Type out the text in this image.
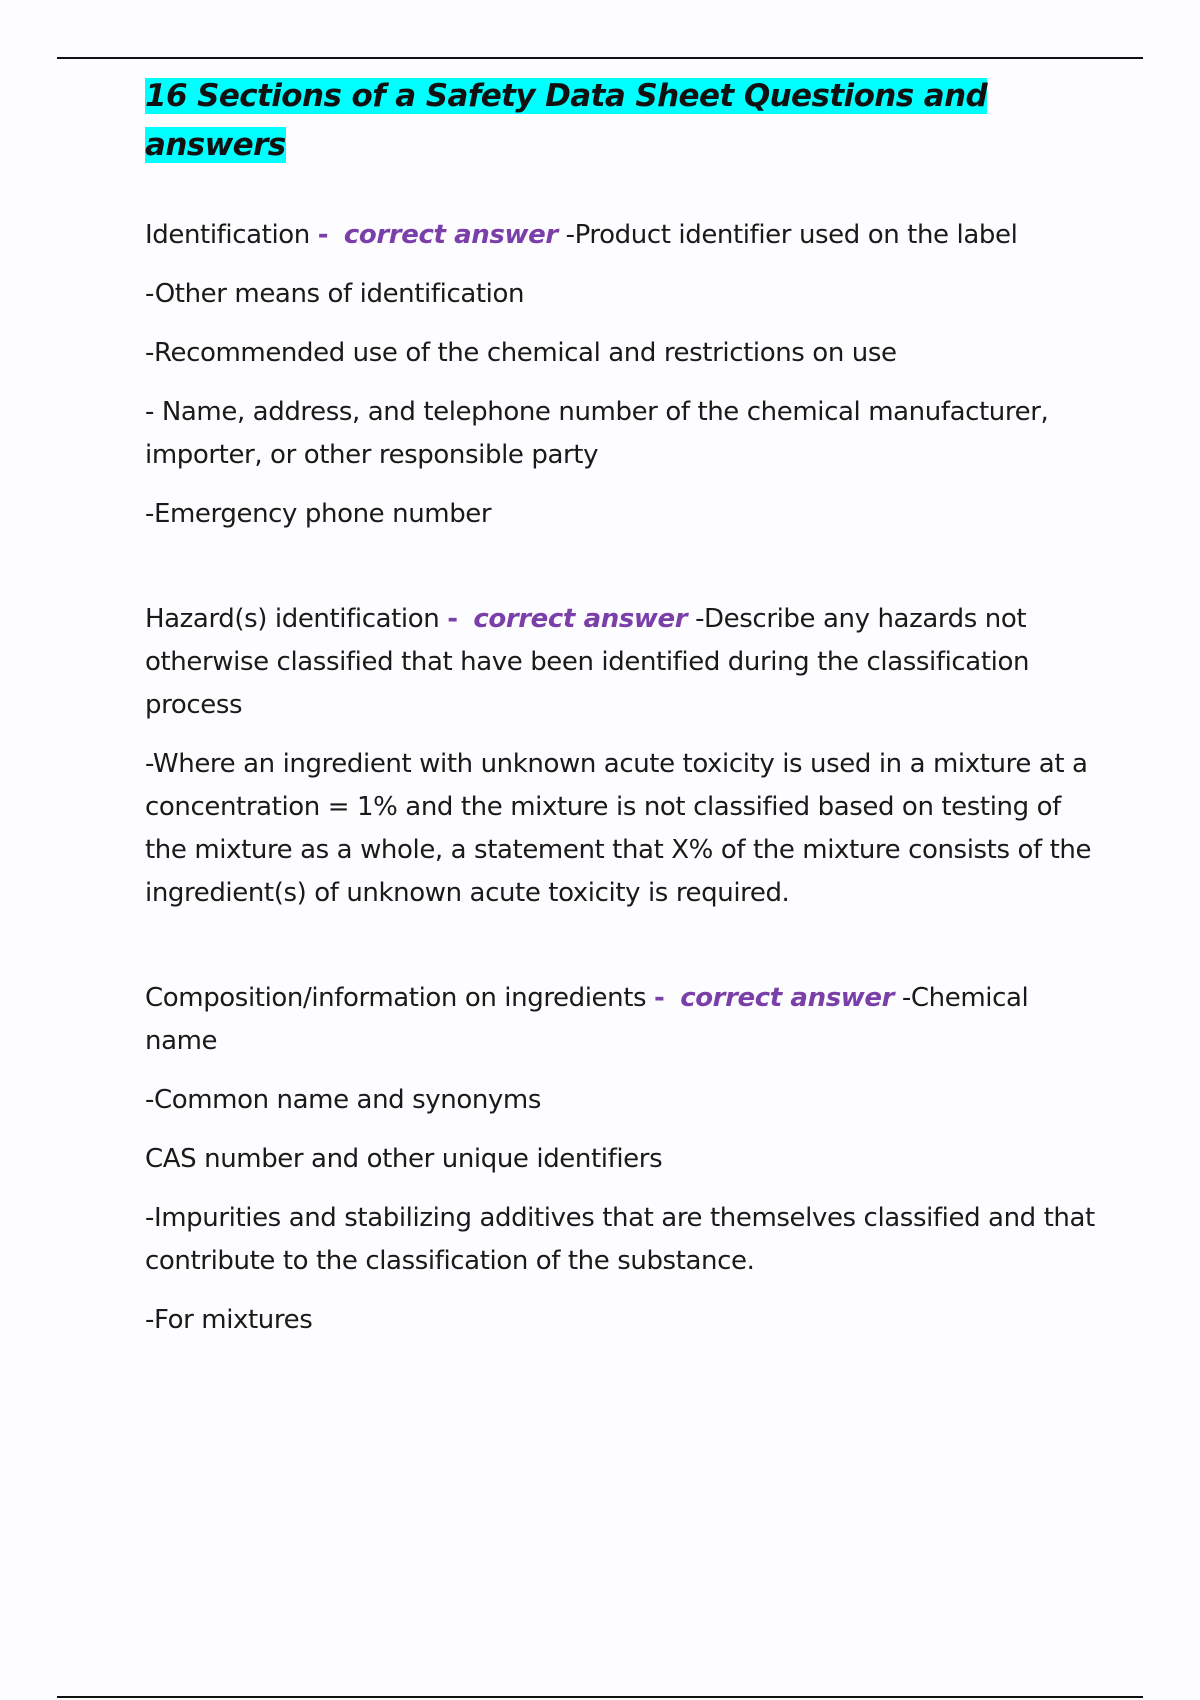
16 Sections of a Safety Data Sheet Questions and answers

Identification - correct answer -Product identifier used on the label

-Other means of identification

-Recommended use of the chemical and restrictions on use

- Name, address, and telephone number of the chemical manufacturer, importer, or other responsible party

-Emergency phone number

Hazard(s) identification - correct answer -Describe any hazards not otherwise classified that have been identified during the classification process

-Where an ingredient with unknown acute toxicity is used in a mixture at a concentration = 1% and the mixture is not classified based on testing of the mixture as a whole, a statement that X% of the mixture consists of the ingredient(s) of unknown acute toxicity is required.

Composition/information on ingredients - correct answer -Chemical name

-Common name and synonyms

CAS number and other unique identifiers

-Impurities and stabilizing additives that are themselves classified and that contribute to the classification of the substance.

-For mixtures
